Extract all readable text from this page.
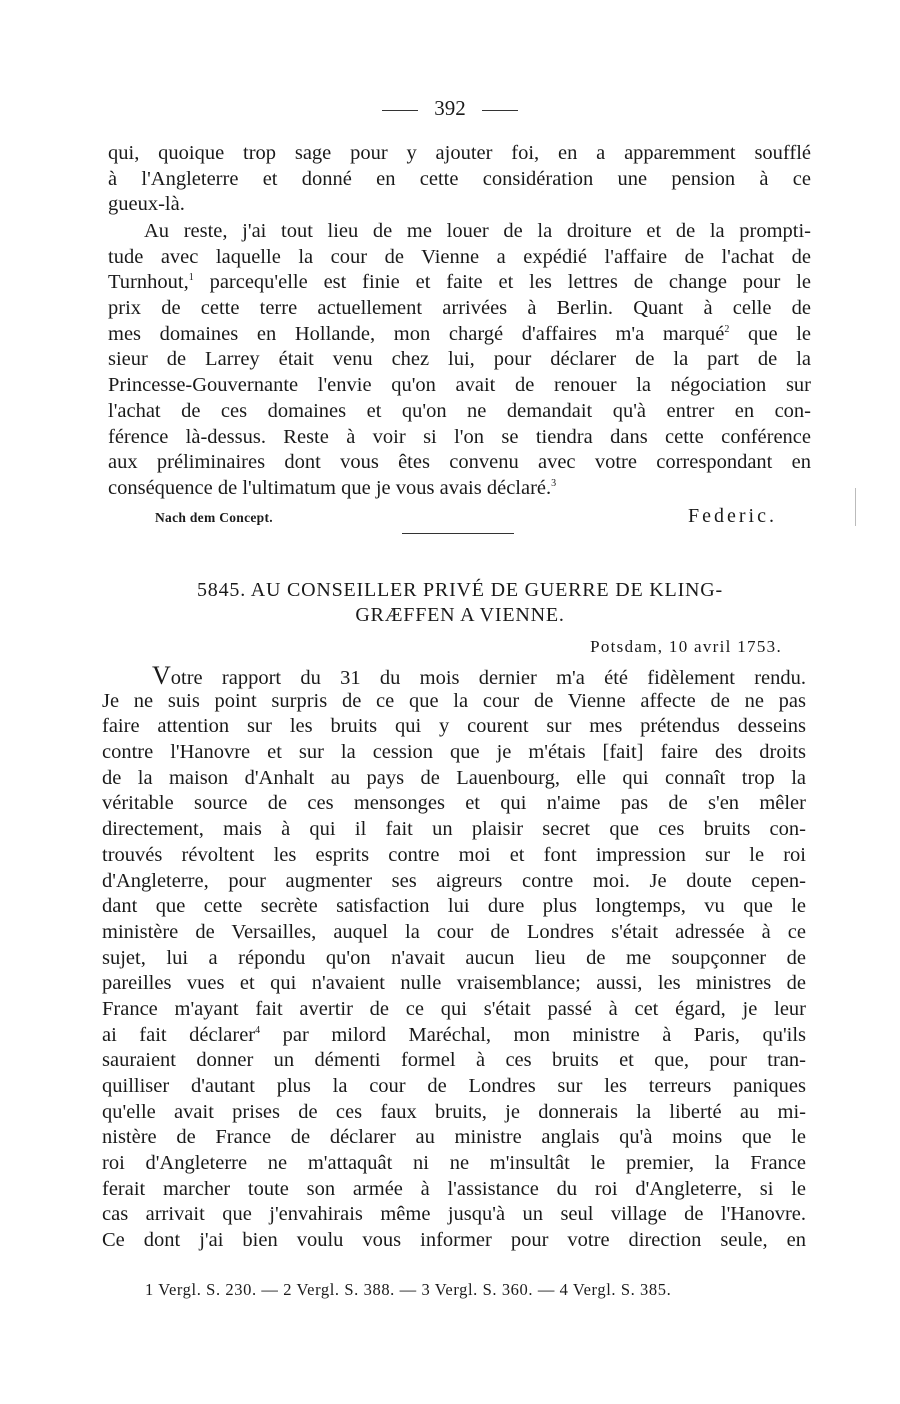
392
qui, quoique trop sage pour y ajouter foi, en a apparemment soufflé
à l'Angleterre et donné en cette considération une pension à ce
gueux-là.
Au reste, j'ai tout lieu de me louer de la droiture et de la prompti-
tude avec laquelle la cour de Vienne a expédié l'affaire de l'achat de
Turnhout,$^1$ parcequ'elle est finie et faite et les lettres de change pour le
prix de cette terre actuellement arrivées à Berlin. Quant à celle de
mes domaines en Hollande, mon chargé d'affaires m'a marqué$^2$ que le
sieur de Larrey était venu chez lui, pour déclarer de la part de la
Princesse-Gouvernante l'envie qu'on avait de renouer la négociation sur
l'achat de ces domaines et qu'on ne demandait qu'à entrer en con-
férence là-dessus. Reste à voir si l'on se tiendra dans cette conférence
aux préliminaires dont vous êtes convenu avec votre correspondant en
conséquence de l'ultimatum que je vous avais déclaré.$^3$
Nach dem Concept.	Federic.
5845. AU CONSEILLER PRIVÉ DE GUERRE DE KLING-
GRÆFFEN A VIENNE.
Potsdam, 10 avril 1753.
Votre rapport du 31 du mois dernier m'a été fidèlement rendu.
Je ne suis point surpris de ce que la cour de Vienne affecte de ne pas
faire attention sur les bruits qui y courent sur mes prétendus desseins
contre l'Hanovre et sur la cession que je m'étais [fait] faire des droits
de la maison d'Anhalt au pays de Lauenbourg, elle qui connaît trop la
véritable source de ces mensonges et qui n'aime pas de s'en mêler
directement, mais à qui il fait un plaisir secret que ces bruits con-
trouvés révoltent les esprits contre moi et font impression sur le roi
d'Angleterre, pour augmenter ses aigreurs contre moi. Je doute cepen-
dant que cette secrète satisfaction lui dure plus longtemps, vu que le
ministère de Versailles, auquel la cour de Londres s'était adressée à ce
sujet, lui a répondu qu'on n'avait aucun lieu de me soupçonner de
pareilles vues et qui n'avaient nulle vraisemblance; aussi, les ministres de
France m'ayant fait avertir de ce qui s'était passé à cet égard, je leur
ai fait déclarer$^4$ par milord Maréchal, mon ministre à Paris, qu'ils
sauraient donner un démenti formel à ces bruits et que, pour tran-
quilliser d'autant plus la cour de Londres sur les terreurs paniques
qu'elle avait prises de ces faux bruits, je donnerais la liberté au mi-
nistère de France de déclarer au ministre anglais qu'à moins que le
roi d'Angleterre ne m'attaquât ni ne m'insultât le premier, la France
ferait marcher toute son armée à l'assistance du roi d'Angleterre, si le
cas arrivait que j'envahirais même jusqu'à un seul village de l'Hanovre.
Ce dont j'ai bien voulu vous informer pour votre direction seule, en
1 Vergl. S. 230. — 2 Vergl. S. 388. — 3 Vergl. S. 360. — 4 Vergl. S. 385.
